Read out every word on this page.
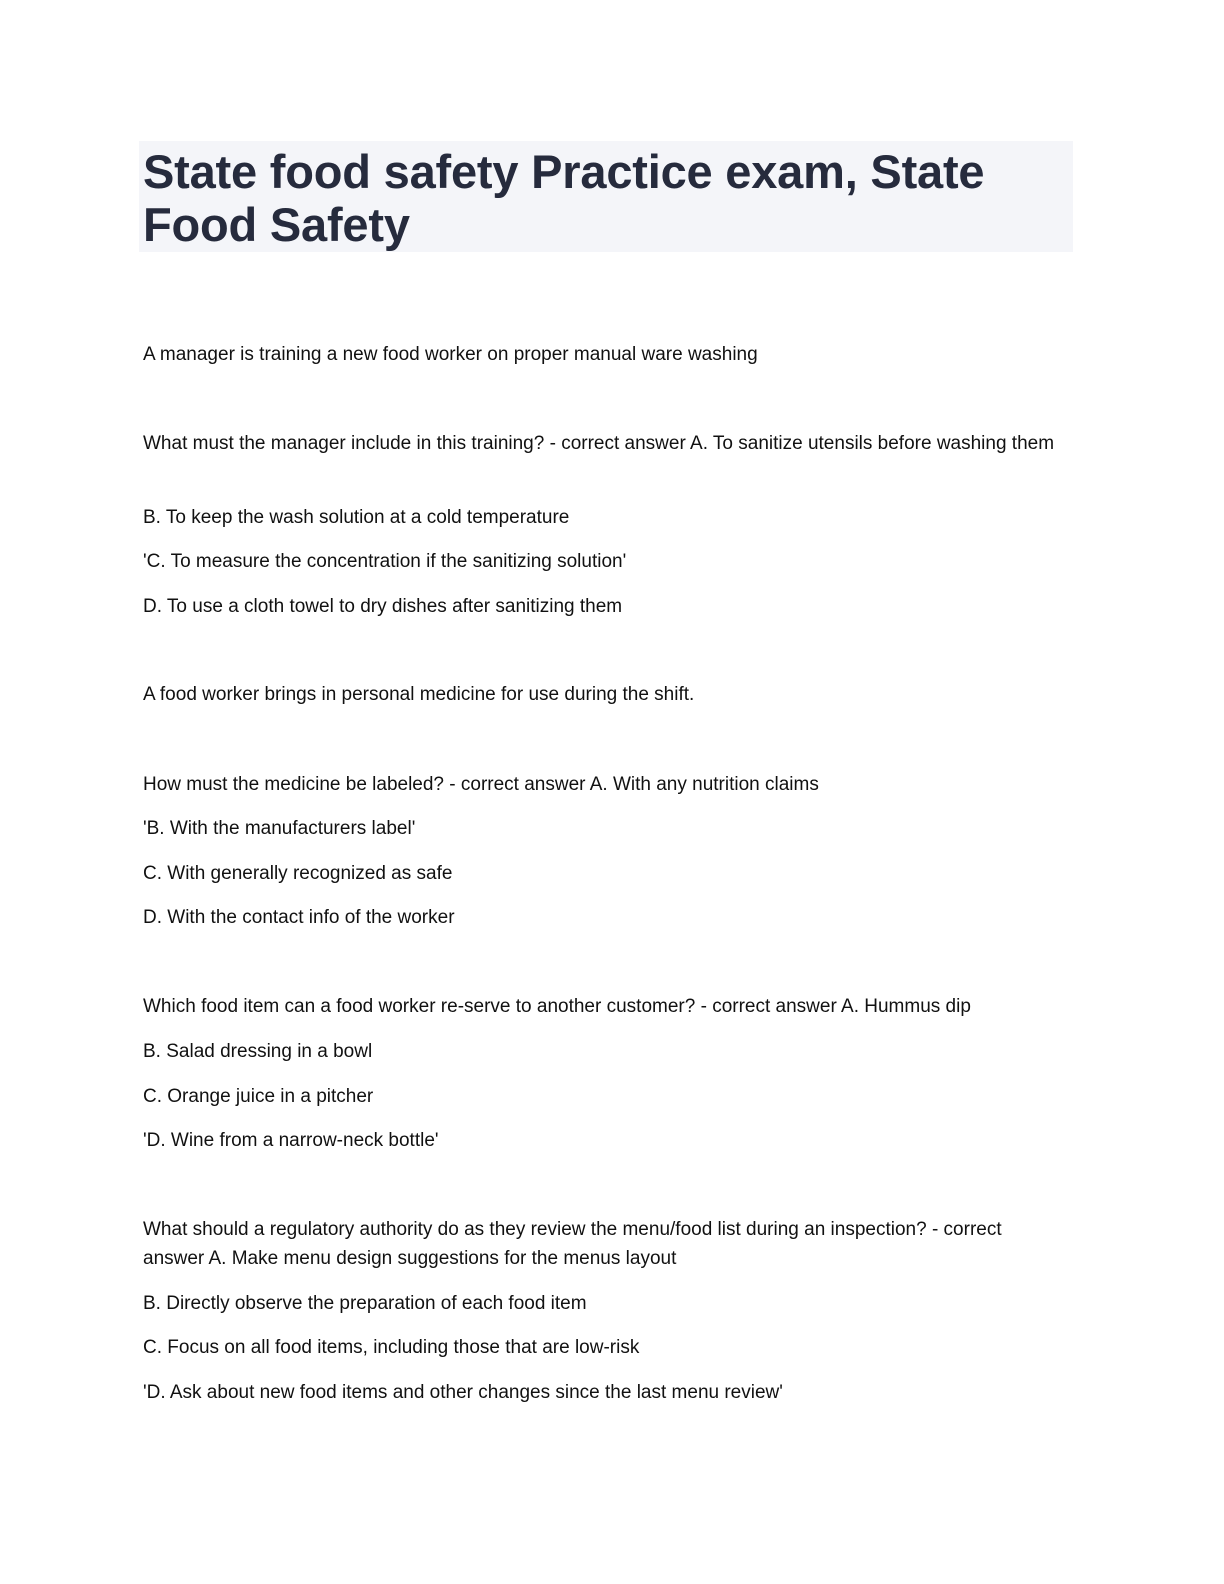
State food safety Practice exam, State Food Safety
A manager is training a new food worker on proper manual ware washing
What must the manager include in this training? - correct answer A. To sanitize utensils before washing them
B. To keep the wash solution at a cold temperature
'C. To measure the concentration if the sanitizing solution'
D. To use a cloth towel to dry dishes after sanitizing them
A food worker brings in personal medicine for use during the shift.
How must the medicine be labeled? - correct answer A. With any nutrition claims
'B. With the manufacturers label'
C. With generally recognized as safe
D. With the contact info of the worker
Which food item can a food worker re-serve to another customer? - correct answer A. Hummus dip
B. Salad dressing in a bowl
C. Orange juice in a pitcher
'D. Wine from a narrow-neck bottle'
What should a regulatory authority do as they review the menu/food list during an inspection? - correct answer A. Make menu design suggestions for the menus layout
B. Directly observe the preparation of each food item
C. Focus on all food items, including those that are low-risk
'D. Ask about new food items and other changes since the last menu review'
